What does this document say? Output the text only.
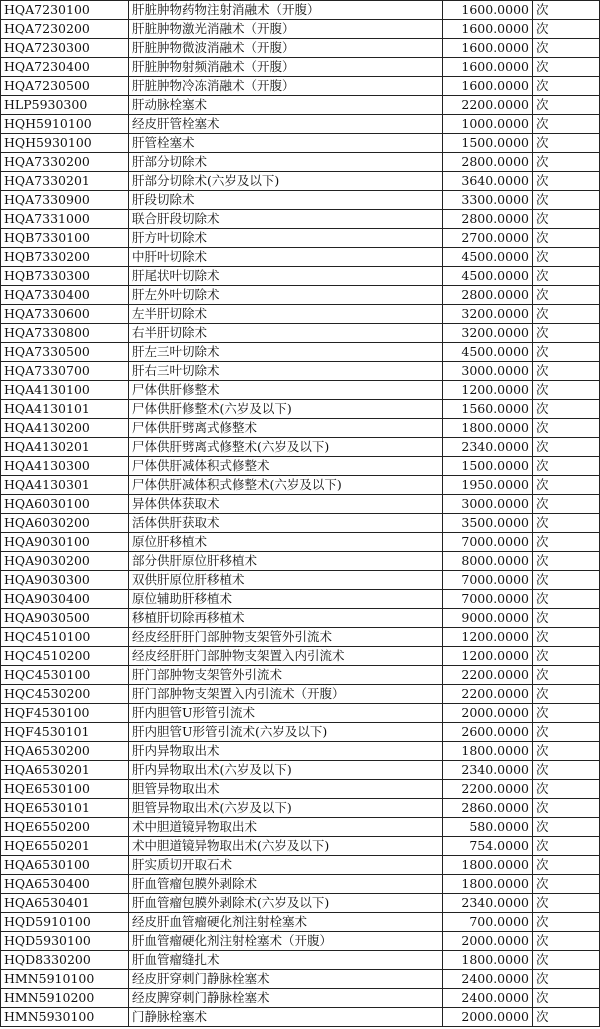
HQA7230100	肝脏肿物药物注射消融术（开腹）	1600.0000	次
HQA7230200	肝脏肿物激光消融术（开腹）	1600.0000	次
HQA7230300	肝脏肿物微波消融术（开腹）	1600.0000	次
HQA7230400	肝脏肿物射频消融术（开腹）	1600.0000	次
HQA7230500	肝脏肿物冷冻消融术（开腹）	1600.0000	次
HLP5930300	肝动脉栓塞术	2200.0000	次
HQH5910100	经皮肝管栓塞术	1000.0000	次
HQH5930100	肝管栓塞术	1500.0000	次
HQA7330200	肝部分切除术	2800.0000	次
HQA7330201	肝部分切除术(六岁及以下)	3640.0000	次
HQA7330900	肝段切除术	3300.0000	次
HQA7331000	联合肝段切除术	2800.0000	次
HQB7330100	肝方叶切除术	2700.0000	次
HQB7330200	中肝叶切除术	4500.0000	次
HQB7330300	肝尾状叶切除术	4500.0000	次
HQA7330400	肝左外叶切除术	2800.0000	次
HQA7330600	左半肝切除术	3200.0000	次
HQA7330800	右半肝切除术	3200.0000	次
HQA7330500	肝左三叶切除术	4500.0000	次
HQA7330700	肝右三叶切除术	3000.0000	次
HQA4130100	尸体供肝修整术	1200.0000	次
HQA4130101	尸体供肝修整术(六岁及以下)	1560.0000	次
HQA4130200	尸体供肝劈离式修整术	1800.0000	次
HQA4130201	尸体供肝劈离式修整术(六岁及以下)	2340.0000	次
HQA4130300	尸体供肝减体积式修整术	1500.0000	次
HQA4130301	尸体供肝减体积式修整术(六岁及以下)	1950.0000	次
HQA6030100	异体供体获取术	3000.0000	次
HQA6030200	活体供肝获取术	3500.0000	次
HQA9030100	原位肝移植术	7000.0000	次
HQA9030200	部分供肝原位肝移植术	8000.0000	次
HQA9030300	双供肝原位肝移植术	7000.0000	次
HQA9030400	原位辅助肝移植术	7000.0000	次
HQA9030500	移植肝切除再移植术	9000.0000	次
HQC4510100	经皮经肝肝门部肿物支架管外引流术	1200.0000	次
HQC4510200	经皮经肝肝门部肿物支架置入内引流术	1200.0000	次
HQC4530100	肝门部肿物支架管外引流术	2200.0000	次
HQC4530200	肝门部肿物支架置入内引流术（开腹）	2200.0000	次
HQF4530100	肝内胆管U形管引流术	2000.0000	次
HQF4530101	肝内胆管U形管引流术(六岁及以下)	2600.0000	次
HQA6530200	肝内异物取出术	1800.0000	次
HQA6530201	肝内异物取出术(六岁及以下)	2340.0000	次
HQE6530100	胆管异物取出术	2200.0000	次
HQE6530101	胆管异物取出术(六岁及以下)	2860.0000	次
HQE6550200	术中胆道镜异物取出术	580.0000	次
HQE6550201	术中胆道镜异物取出术(六岁及以下)	754.0000	次
HQA6530100	肝实质切开取石术	1800.0000	次
HQA6530400	肝血管瘤包膜外剥除术	1800.0000	次
HQA6530401	肝血管瘤包膜外剥除术(六岁及以下)	2340.0000	次
HQD5910100	经皮肝血管瘤硬化剂注射栓塞术	700.0000	次
HQD5930100	肝血管瘤硬化剂注射栓塞术（开腹）	2000.0000	次
HQD8330200	肝血管瘤缝扎术	1800.0000	次
HMN5910100	经皮肝穿刺门静脉栓塞术	2400.0000	次
HMN5910200	经皮脾穿刺门静脉栓塞术	2400.0000	次
HMN5930100	门静脉栓塞术	2000.0000	次
